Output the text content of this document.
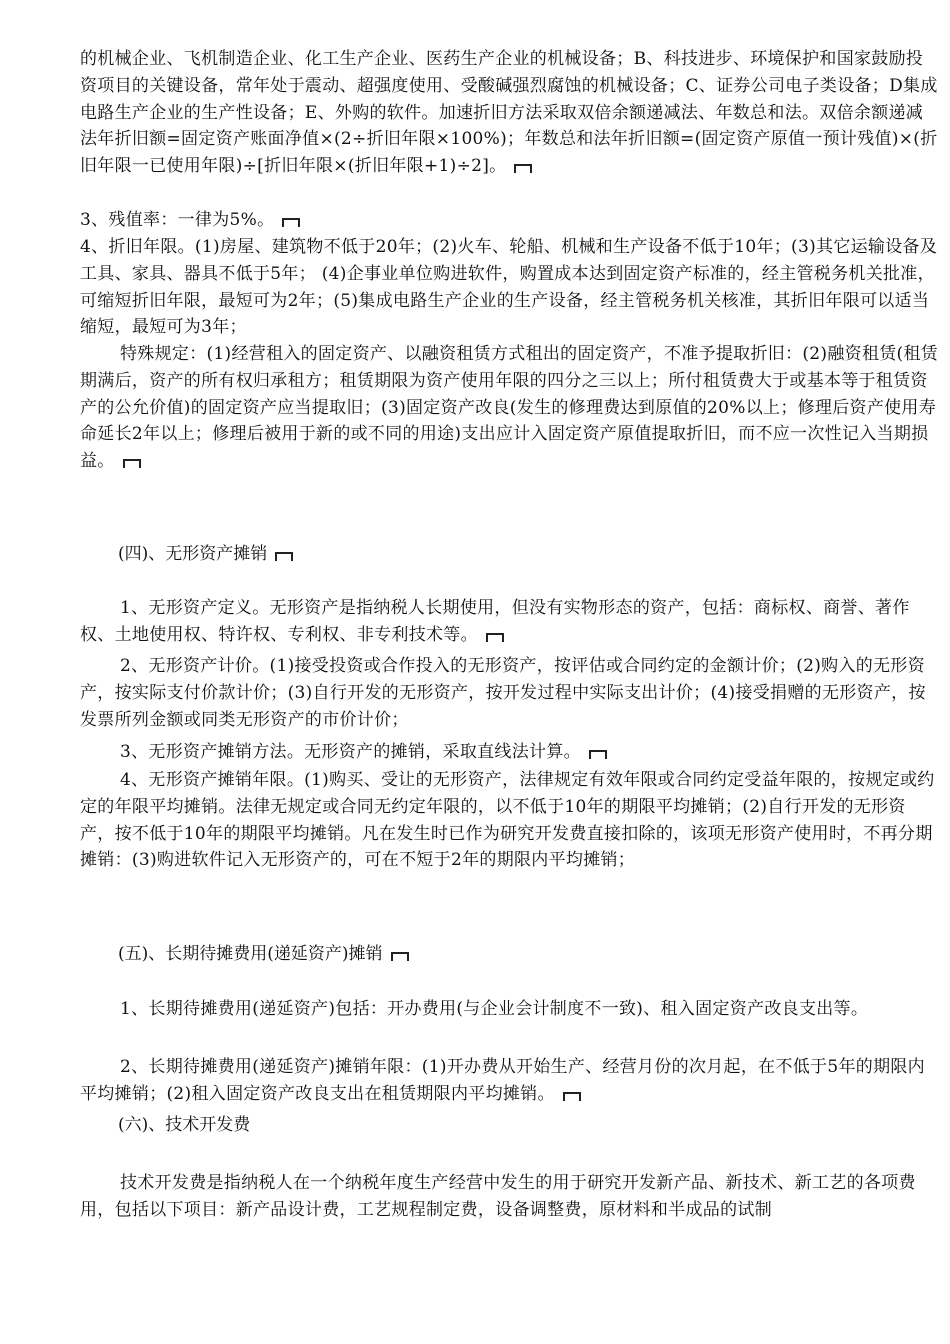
的机械企业、飞机制造企业、化工生产企业、医药生产企业的机械设备；B、科技进步、环境保护和国家鼓励投资项目的关键设备，常年处于震动、超强度使用、受酸碱强烈腐蚀的机械设备；C、证券公司电子类设备；D集成电路生产企业的生产性设备；E、外购的软件。加速折旧方法采取双倍余额递减法、年数总和法。双倍余额递减法年折旧额=固定资产账面净值×(2÷折旧年限×100%)；年数总和法年折旧额=(固定资产原值一预计残值)×(折旧年限一已使用年限)÷[折旧年限×(折旧年限+1)÷2]。

3、残值率：一律为5%。

4、折旧年限。(1)房屋、建筑物不低于20年；(2)火车、轮船、机械和生产设备不低于10年；(3)其它运输设备及工具、家具、器具不低于5年； (4)企事业单位购进软件，购置成本达到固定资产标准的，经主管税务机关批准，可缩短折旧年限，最短可为2年；(5)集成电路生产企业的生产设备，经主管税务机关核准，其折旧年限可以适当缩短，最短可为3年；

特殊规定：(1)经营租入的固定资产、以融资租赁方式租出的固定资产，不准予提取折旧：(2)融资租赁(租赁期满后，资产的所有权归承租方；租赁期限为资产使用年限的四分之三以上；所付租赁费大于或基本等于租赁资产的公允价值)的固定资产应当提取旧；(3)固定资产改良(发生的修理费达到原值的20%以上；修理后资产使用寿命延长2年以上；修理后被用于新的或不同的用途)支出应计入固定资产原值提取折旧，而不应一次性记入当期损益。

(四)、无形资产摊销

1、无形资产定义。无形资产是指纳税人长期使用，但没有实物形态的资产，包括：商标权、商誉、著作权、土地使用权、特许权、专利权、非专利技术等。

2、无形资产计价。(1)接受投资或合作投入的无形资产，按评估或合同约定的金额计价；(2)购入的无形资产，按实际支付价款计价；(3)自行开发的无形资产，按开发过程中实际支出计价；(4)接受捐赠的无形资产，按发票所列金额或同类无形资产的市价计价；

3、无形资产摊销方法。无形资产的摊销，采取直线法计算。

4、无形资产摊销年限。(1)购买、受让的无形资产，法律规定有效年限或合同约定受益年限的，按规定或约定的年限平均摊销。法律无规定或合同无约定年限的，以不低于10年的期限平均摊销；(2)自行开发的无形资产，按不低于10年的期限平均摊销。凡在发生时已作为研究开发费直接扣除的，该项无形资产使用时，不再分期摊销：(3)购进软件记入无形资产的，可在不短于2年的期限内平均摊销；

(五)、长期待摊费用(递延资产)摊销

1、长期待摊费用(递延资产)包括：开办费用(与企业会计制度不一致)、租入固定资产改良支出等。

2、长期待摊费用(递延资产)摊销年限：(1)开办费从开始生产、经营月份的次月起，在不低于5年的期限内平均摊销；(2)租入固定资产改良支出在租赁期限内平均摊销。

(六)、技术开发费

技术开发费是指纳税人在一个纳税年度生产经营中发生的用于研究开发新产品、新技术、新工艺的各项费用，包括以下项目：新产品设计费，工艺规程制定费，设备调整费，原材料和半成品的试制
